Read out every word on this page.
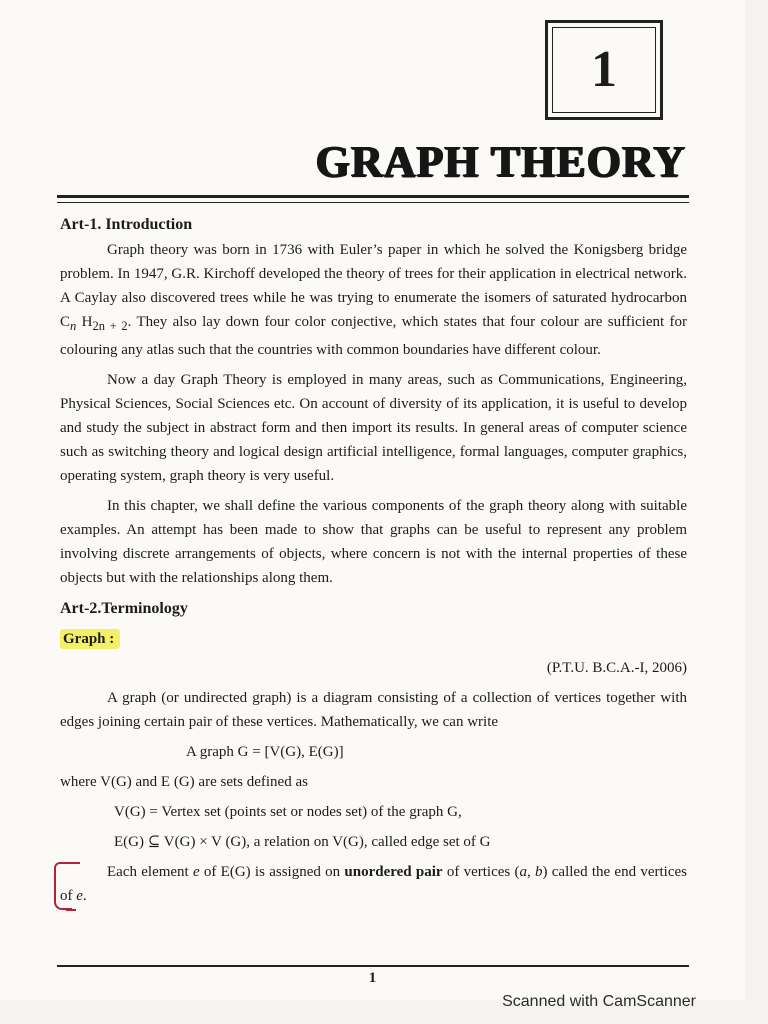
1
GRAPH THEORY
Art-1. Introduction

Graph theory was born in 1736 with Euler’s paper in which he solved the Konigsberg bridge problem. In 1947, G.R. Kirchoff developed the theory of trees for their application in electrical network. A Caylay also discovered trees while he was trying to enumerate the isomers of saturated hydrocarbon $C_n$ $H_{2n + 2}$. They also lay down four color conjective, which states that four colour are sufficient for colouring any atlas such that the countries with common boundaries have different colour.

Now a day Graph Theory is employed in many areas, such as Communications, Engineering, Physical Sciences, Social Sciences etc. On account of diversity of its application, it is useful to develop and study the subject in abstract form and then import its results. In general areas of computer science such as switching theory and logical design artificial intelligence, formal languages, computer graphics, operating system, graph theory is very useful.

In this chapter, we shall define the various components of the graph theory along with suitable examples. An attempt has been made to show that graphs can be useful to represent any problem involving discrete arrangements of objects, where concern is not with the internal properties of these objects but with the relationships along them.

Art-2.Terminology
Graph :

(P.T.U. B.C.A.-I, 2006)

A graph (or undirected graph) is a diagram consisting of a collection of vertices together with edges joining certain pair of these vertices. Mathematically, we can write

A graph G = [V(G), E(G)]

where V(G) and E (G) are sets defined as

V(G) = Vertex set (points set or nodes set) of the graph G,

E(G) ⊆ V(G) × V (G), a relation on V(G), called edge set of G

Each element e of E(G) is assigned on unordered pair of vertices (a, b) called the end vertices of e.

1
Scanned with CamScanner
